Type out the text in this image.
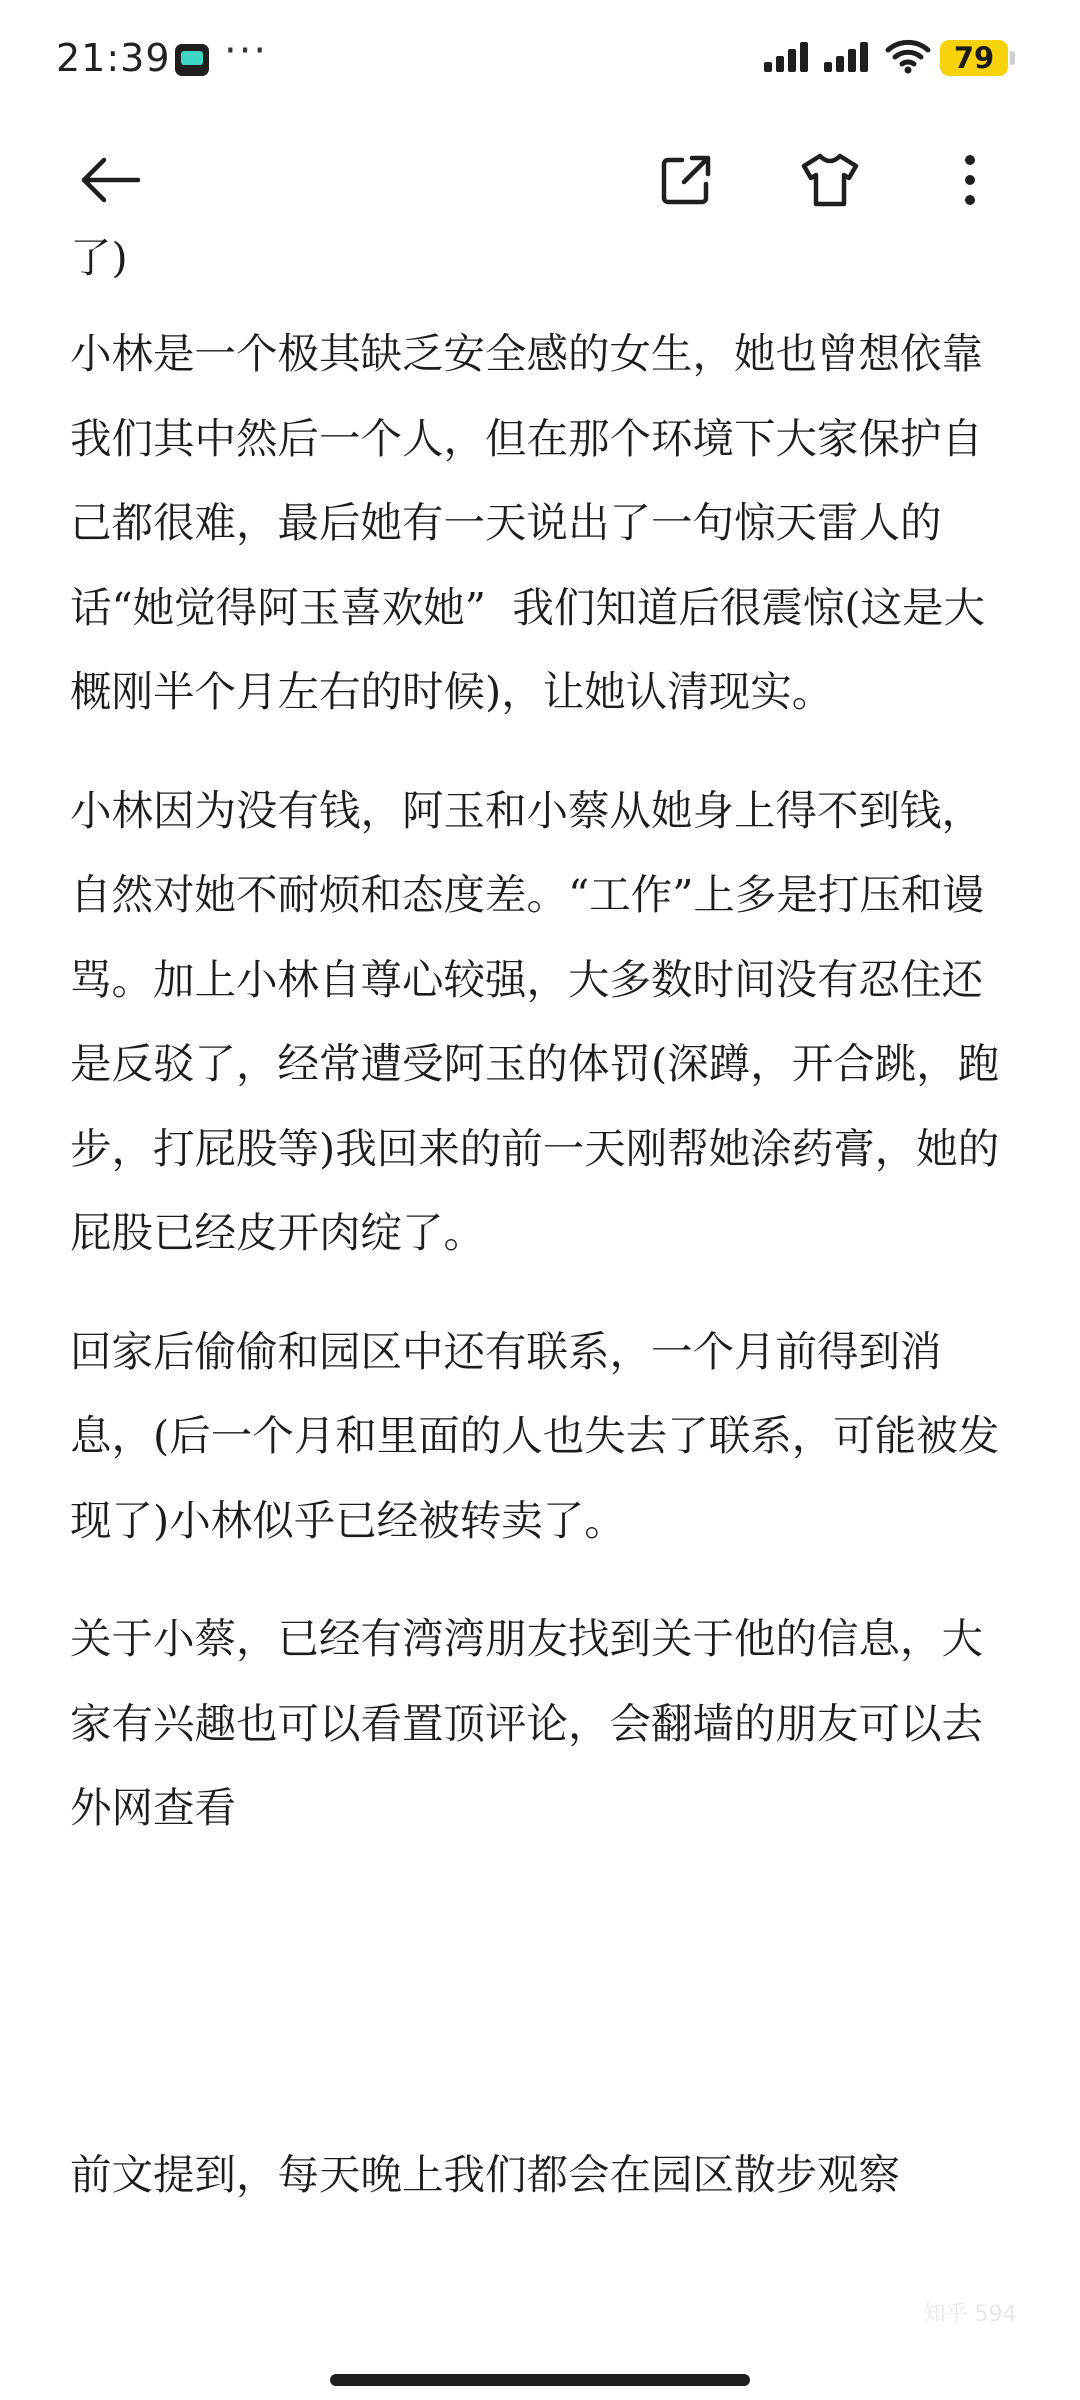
21:39 ···	79
了)

小林是一个极其缺乏安全感的女生，她也曾想依靠我们其中然后一个人，但在那个环境下大家保护自己都很难，最后她有一天说出了一句惊天雷人的话“她觉得阿玉喜欢她”  我们知道后很震惊(这是大概刚半个月左右的时候)，让她认清现实。

小林因为没有钱，阿玉和小蔡从她身上得不到钱，自然对她不耐烦和态度差。“工作”上多是打压和谩骂。加上小林自尊心较强，大多数时间没有忍住还是反驳了，经常遭受阿玉的体罚(深蹲，开合跳，跑步，打屁股等)我回来的前一天刚帮她涂药膏，她的屁股已经皮开肉绽了。

回家后偷偷和园区中还有联系，一个月前得到消息，(后一个月和里面的人也失去了联系，可能被发现了)小林似乎已经被转卖了。

关于小蔡，已经有湾湾朋友找到关于他的信息，大家有兴趣也可以看置顶评论，会翻墙的朋友可以去外网查看

前文提到，每天晚上我们都会在园区散步观察

知乎 594
